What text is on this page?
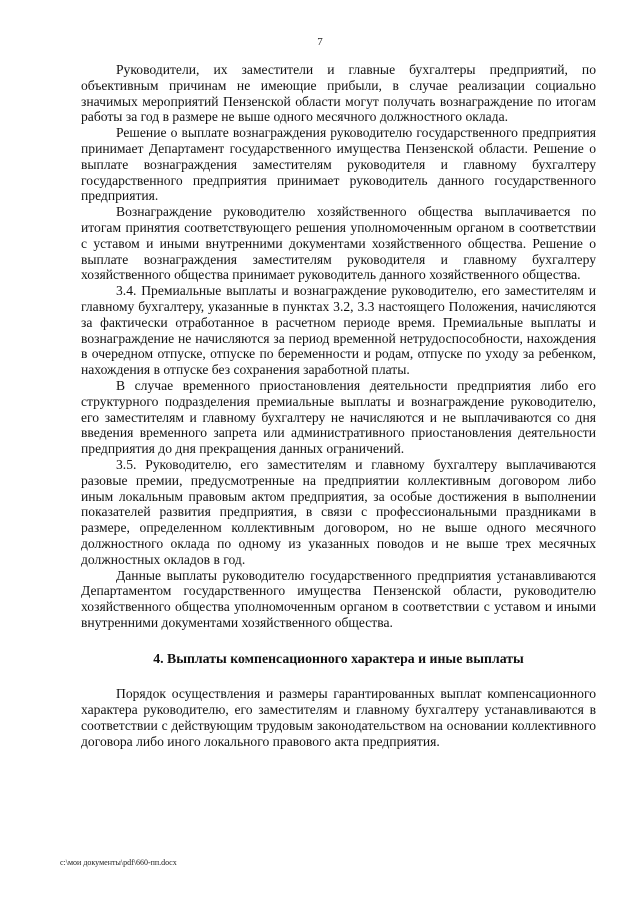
7

Руководители, их заместители и главные бухгалтеры предприятий, по объективным причинам не имеющие прибыли, в случае реализации социально значимых мероприятий Пензенской области могут получать вознаграждение по итогам работы за год в размере не выше одного месячного должностного оклада.

Решение о выплате вознаграждения руководителю государственного предприятия принимает Департамент государственного имущества Пензенской области. Решение о выплате вознаграждения заместителям руководителя и главному бухгалтеру государственного предприятия принимает руководитель данного государственного предприятия.

Вознаграждение руководителю хозяйственного общества выплачивается по итогам принятия соответствующего решения уполномоченным органом в соответствии с уставом и иными внутренними документами хозяйственного общества. Решение о выплате вознаграждения заместителям руководителя и главному бухгалтеру хозяйственного общества принимает руководитель данного хозяйственного общества.

3.4. Премиальные выплаты и вознаграждение руководителю, его заместителям и главному бухгалтеру, указанные в пунктах 3.2, 3.3 настоящего Положения, начисляются за фактически отработанное в расчетном периоде время. Премиальные выплаты и вознаграждение не начисляются за период временной нетрудоспособности, нахождения в очередном отпуске, отпуске по беременности и родам, отпуске по уходу за ребенком, нахождения в отпуске без сохранения заработной платы.

В случае временного приостановления деятельности предприятия либо его структурного подразделения премиальные выплаты и вознаграждение руководителю, его заместителям и главному бухгалтеру не начисляются и не выплачиваются со дня введения временного запрета или административного приостановления деятельности предприятия до дня прекращения данных ограничений.

3.5. Руководителю, его заместителям и главному бухгалтеру выплачиваются разовые премии, предусмотренные на предприятии коллективным договором либо иным локальным правовым актом предприятия, за особые достижения в выполнении показателей развития предприятия, в связи с профессиональными праздниками в размере, определенном коллективным договором, но не выше одного месячного должностного оклада по одному из указанных поводов и не выше трех месячных должностных окладов в год.

Данные выплаты руководителю государственного предприятия устанавливаются Департаментом государственного имущества Пензенской области, руководителю хозяйственного общества уполномоченным органом в соответствии с уставом и иными внутренними документами хозяйственного общества.

4. Выплаты компенсационного характера и иные выплаты

Порядок осуществления и размеры гарантированных выплат компенсационного характера руководителю, его заместителям и главному бухгалтеру устанавливаются в соответствии с действующим трудовым законодательством на основании коллективного договора либо иного локального правового акта предприятия.

c:\мои документы\pdf\660-пп.docx
